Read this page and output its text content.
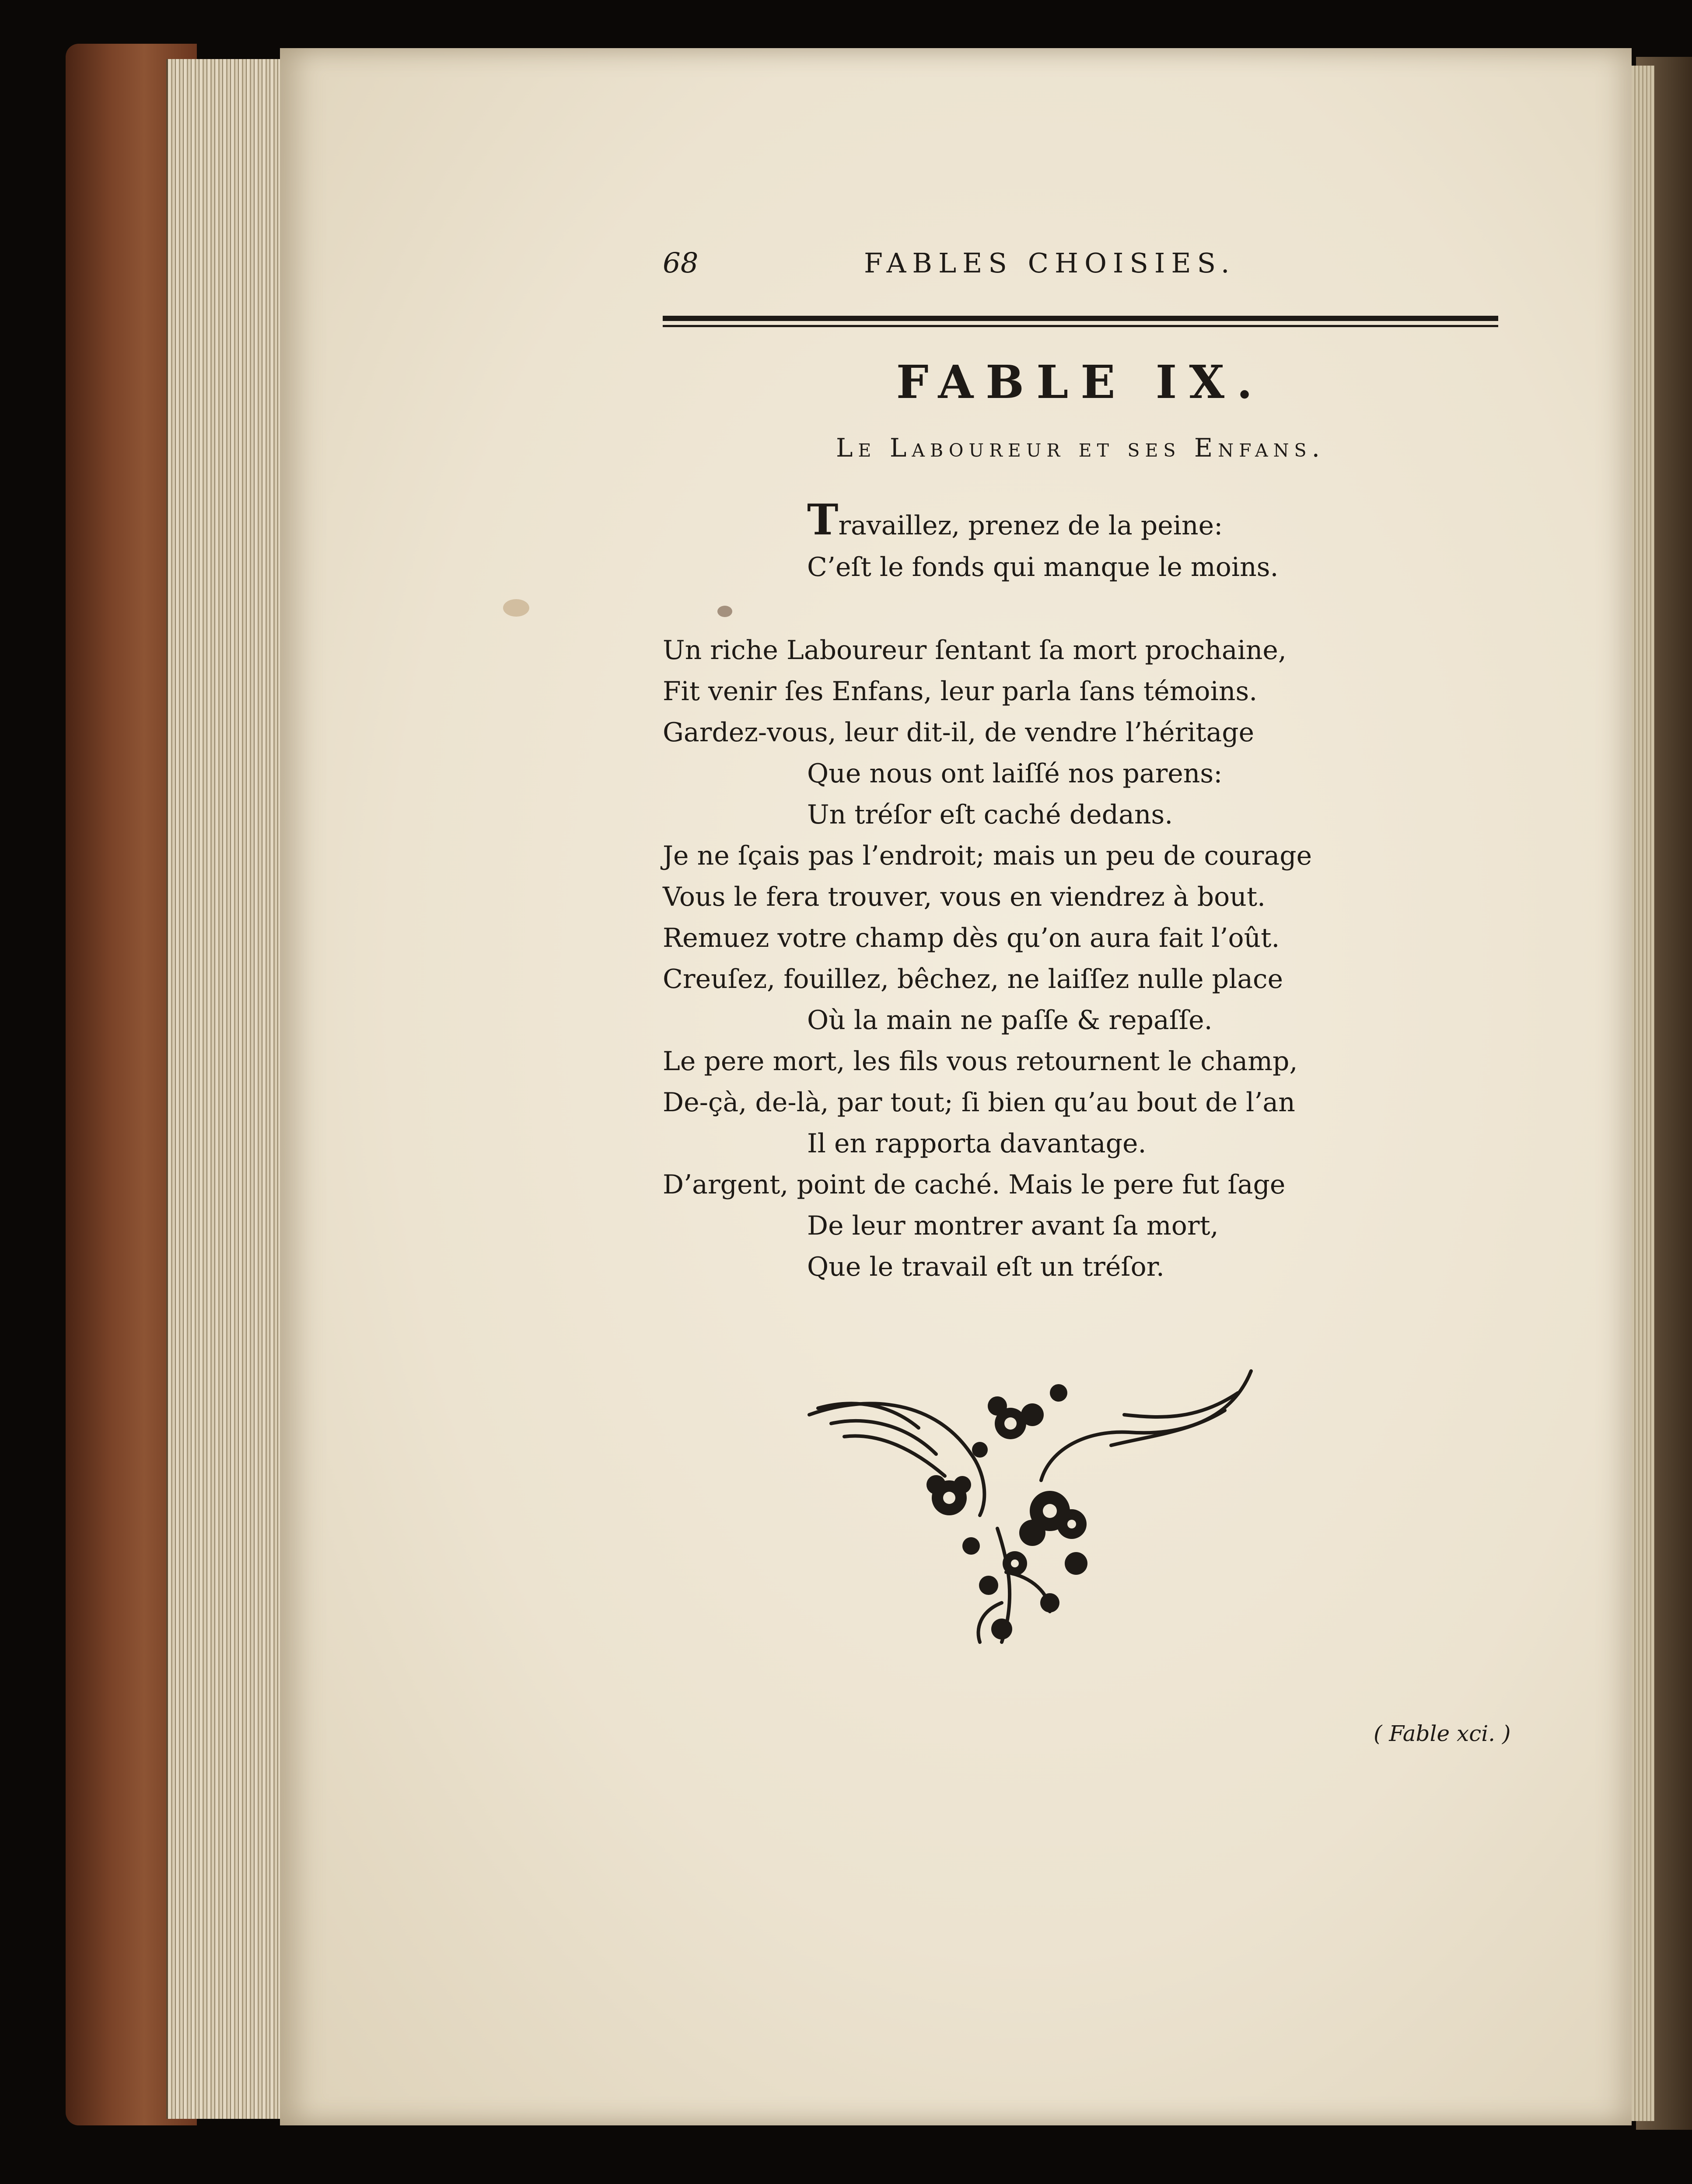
68	FABLES CHOISIES.
FABLE IX.
Le Laboureur et ses Enfans.
Travaillez, prenez de la peine:
C’eſt le fonds qui manque le moins.
Un riche Laboureur ſentant ſa mort prochaine,
Fit venir ſes Enfans, leur parla ſans témoins.
Gardez-vous, leur dit-il, de vendre l’héritage
Que nous ont laiſſé nos parens:
Un tréſor eſt caché dedans.
Je ne ſçais pas l’endroit; mais un peu de courage
Vous le fera trouver, vous en viendrez à bout.
Remuez votre champ dès qu’on aura fait l’oût.
Creuſez, fouillez, bêchez, ne laiſſez nulle place
Où la main ne paſſe & repaſſe.
Le pere mort, les fils vous retournent le champ,
De-çà, de-là, par tout; ſi bien qu’au bout de l’an
Il en rapporta davantage.
D’argent, point de caché. Mais le pere fut ſage
De leur montrer avant ſa mort,
Que le travail eſt un tréſor.
( Fable xci. )
